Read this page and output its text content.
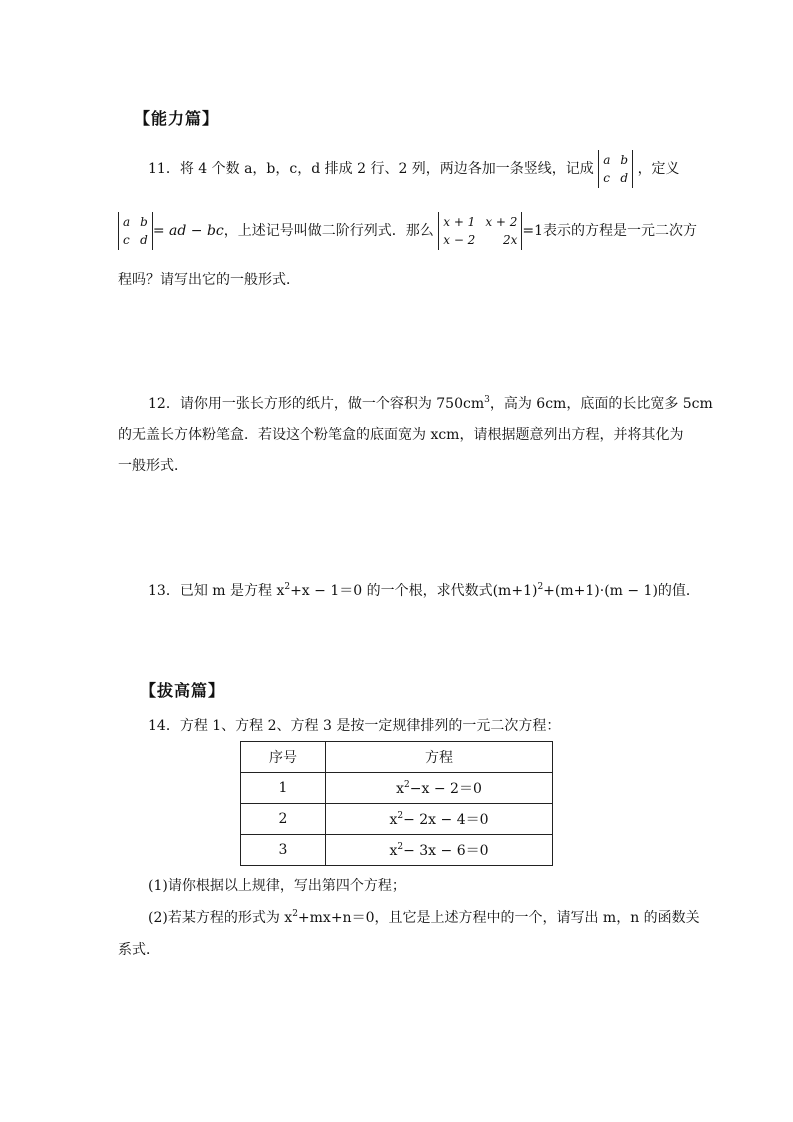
【能力篇】
11．将 4 个数 a，b，c，d 排成 2 行、2 列，两边各加一条竖线，记成
a b
c d
，定义
a b
c d
= ad − bc，上述记号叫做二阶行列式．那么
x + 1 x + 2
x − 2 2x
=1表示的方程是一元二次方
程吗？请写出它的一般形式．
12．请你用一张长方形的纸片，做一个容积为 $750cm^3$，高为 6cm，底面的长比宽多 5cm
的无盖长方体粉笔盒．若设这个粉笔盒的底面宽为 xcm，请根据题意列出方程，并将其化为
一般形式．
13．已知 m 是方程 $x^2+x - 1=0$ 的一个根，求代数式$(m+1)^2+(m+1)\cdot(m - 1)$的值．
【拔高篇】
14．方程 1、方程 2、方程 3 是按一定规律排列的一元二次方程：
序号	方程
1	$x^2-x - 2=0$
2	$x^2- 2x - 4=0$
3	$x^2- 3x - 6=0$
(1)请你根据以上规律，写出第四个方程；
(2)若某方程的形式为 $x^2+mx+n=0$，且它是上述方程中的一个，请写出 m，n 的函数关
系式．
